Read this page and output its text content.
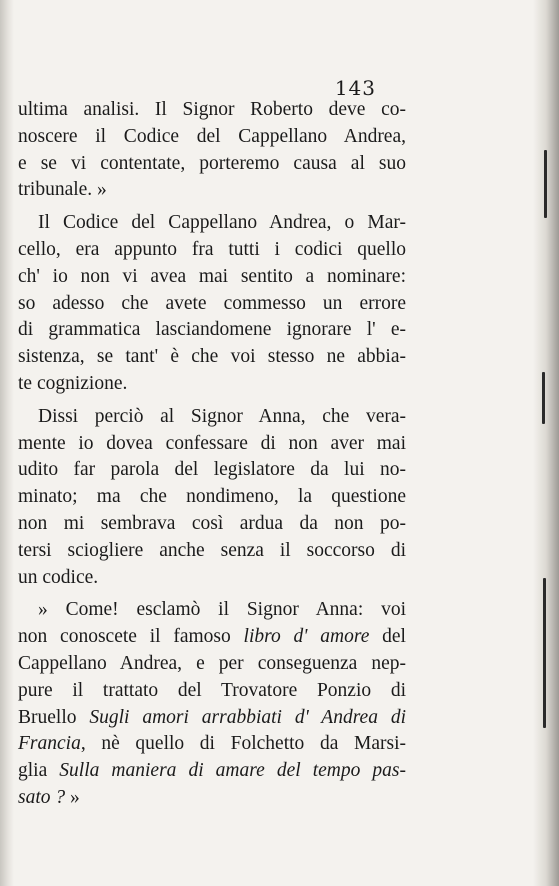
143
ultima analisi. Il Signor Roberto deve co-
noscere il Codice del Cappellano Andrea,
e se vi contentate, porteremo causa al suo
tribunale. »
Il Codice del Cappellano Andrea, o Mar-
cello, era appunto fra tutti i codici quello
ch' io non vi avea mai sentito a nominare:
so adesso che avete commesso un errore
di grammatica lasciandomene ignorare l' e-
sistenza, se tant' è che voi stesso ne abbia-
te cognizione.
Dissi perciò al Signor Anna, che vera-
mente io dovea confessare di non aver mai
udito far parola del legislatore da lui no-
minato; ma che nondimeno, la questione
non mi sembrava così ardua da non po-
tersi sciogliere anche senza il soccorso di
un codice.
» Come! esclamò il Signor Anna: voi
non conoscete il famoso libro d' amore del
Cappellano Andrea, e per conseguenza nep-
pure il trattato del Trovatore Ponzio di
Bruello Sugli amori arrabbiati d' Andrea di
Francia, nè quello di Folchetto da Marsi-
glia Sulla maniera di amare del tempo pas-
sato ? »
